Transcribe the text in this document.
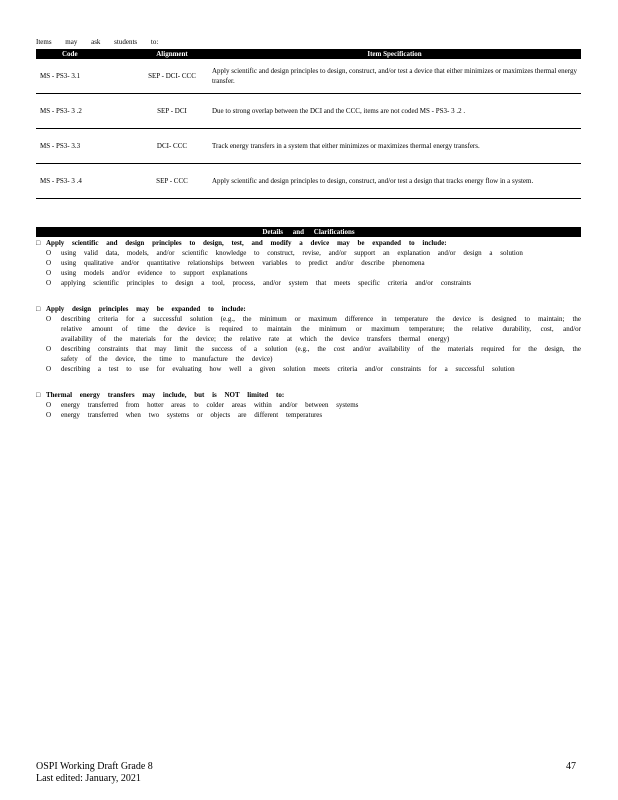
Items may ask students to:
Code	Alignment	Item Specification
MS - PS3- 3.1	SEP - DCI- CCC	Apply scientific and design principles to design, construct, and/or test a device that either minimizes or maximizes thermal energy transfer.
MS - PS3- 3 .2	SEP - DCI	Due to strong overlap between the DCI and the CCC, items are not coded MS - PS3- 3 .2 .
MS - PS3- 3.3	DCI- CCC	Track energy transfers in a system that either minimizes or maximizes thermal energy transfers.
MS - PS3- 3 .4	SEP - CCC	Apply scientific and design principles to design, construct, and/or test a design that tracks energy flow in a system.
Details and Clarifications
□ Apply scientific and design principles to design, test, and modify a device may be expanded to include:
O	using valid data, models, and/or scientific knowledge to construct, revise, and/or support an explanation and/or design a solution
O	using qualitative and/or quantitative relationships between variables to predict and/or describe phenomena
O	using models and/or evidence to support explanations
O	applying scientific principles to design a tool, process, and/or system that meets specific criteria and/or constraints
□ Apply design principles may be expanded to include:
O	describing criteria for a successful solution (e.g., the minimum or maximum difference in temperature the device is designed to maintain; the relative amount of time the device is required to maintain the minimum or maximum temperature; the relative durability, cost, and/or availability of the materials for the device; the relative rate at which the device transfers thermal energy)
O	describing constraints that may limit the success of a solution (e.g., the cost and/or availability of the materials required for the design, the safety of the device, the time to manufacture the device)
O	describing a test to use for evaluating how well a given solution meets criteria and/or constraints for a successful solution
□ Thermal energy transfers may include, but is NOT limited to:
O	energy transferred from hotter areas to colder areas within and/or between systems
O	energy transferred when two systems or objects are different temperatures
OSPI Working Draft Grade 8
Last edited: January, 2021
47
